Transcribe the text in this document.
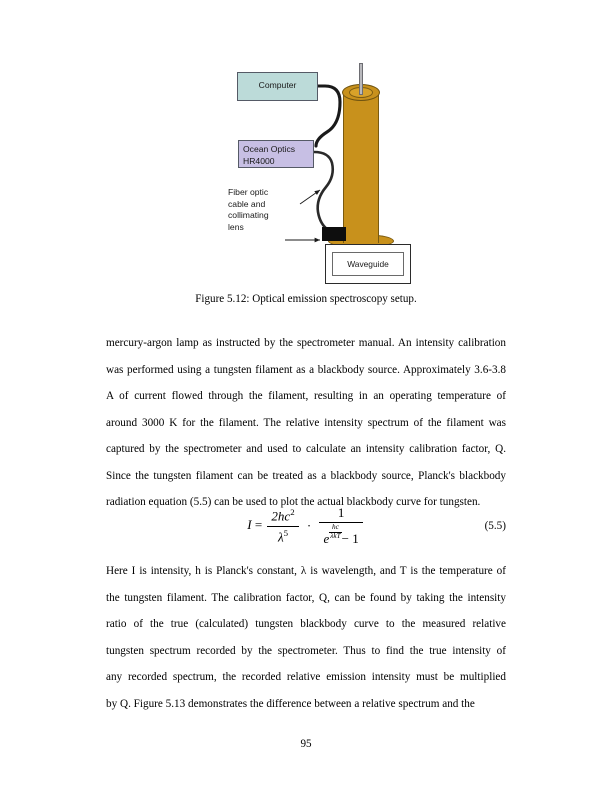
Waveguide
Computer
Ocean Optics
HR4000
Fiber optic
cable and
collimating
lens
Figure 5.12: Optical emission spectroscopy setup.

mercury-argon lamp as instructed by the spectrometer manual. An intensity calibration
was performed using a tungsten filament as a blackbody source. Approximately 3.6-3.8
A of current flowed through the filament, resulting in an operating temperature of
around 3000 K for the filament. The relative intensity spectrum of the filament was
captured by the spectrometer and used to calculate an intensity calibration factor, Q.
Since the tungsten filament can be treated as a blackbody source, Planck's blackbody
radiation equation (5.5) can be used to plot the actual blackbody curve for tungsten.

$I = \frac{2hc^2}{\lambda^5}$ ·
1
e
hc
λkT − 1
(5.5)

Here I is intensity, h is Planck's constant, λ is wavelength, and T is the temperature of
the tungsten filament. The calibration factor, Q, can be found by taking the intensity
ratio of the true (calculated) tungsten blackbody curve to the measured relative
tungsten spectrum recorded by the spectrometer. Thus to find the true intensity of
any recorded spectrum, the recorded relative emission intensity must be multiplied
by Q. Figure 5.13 demonstrates the difference between a relative spectrum and the

95
